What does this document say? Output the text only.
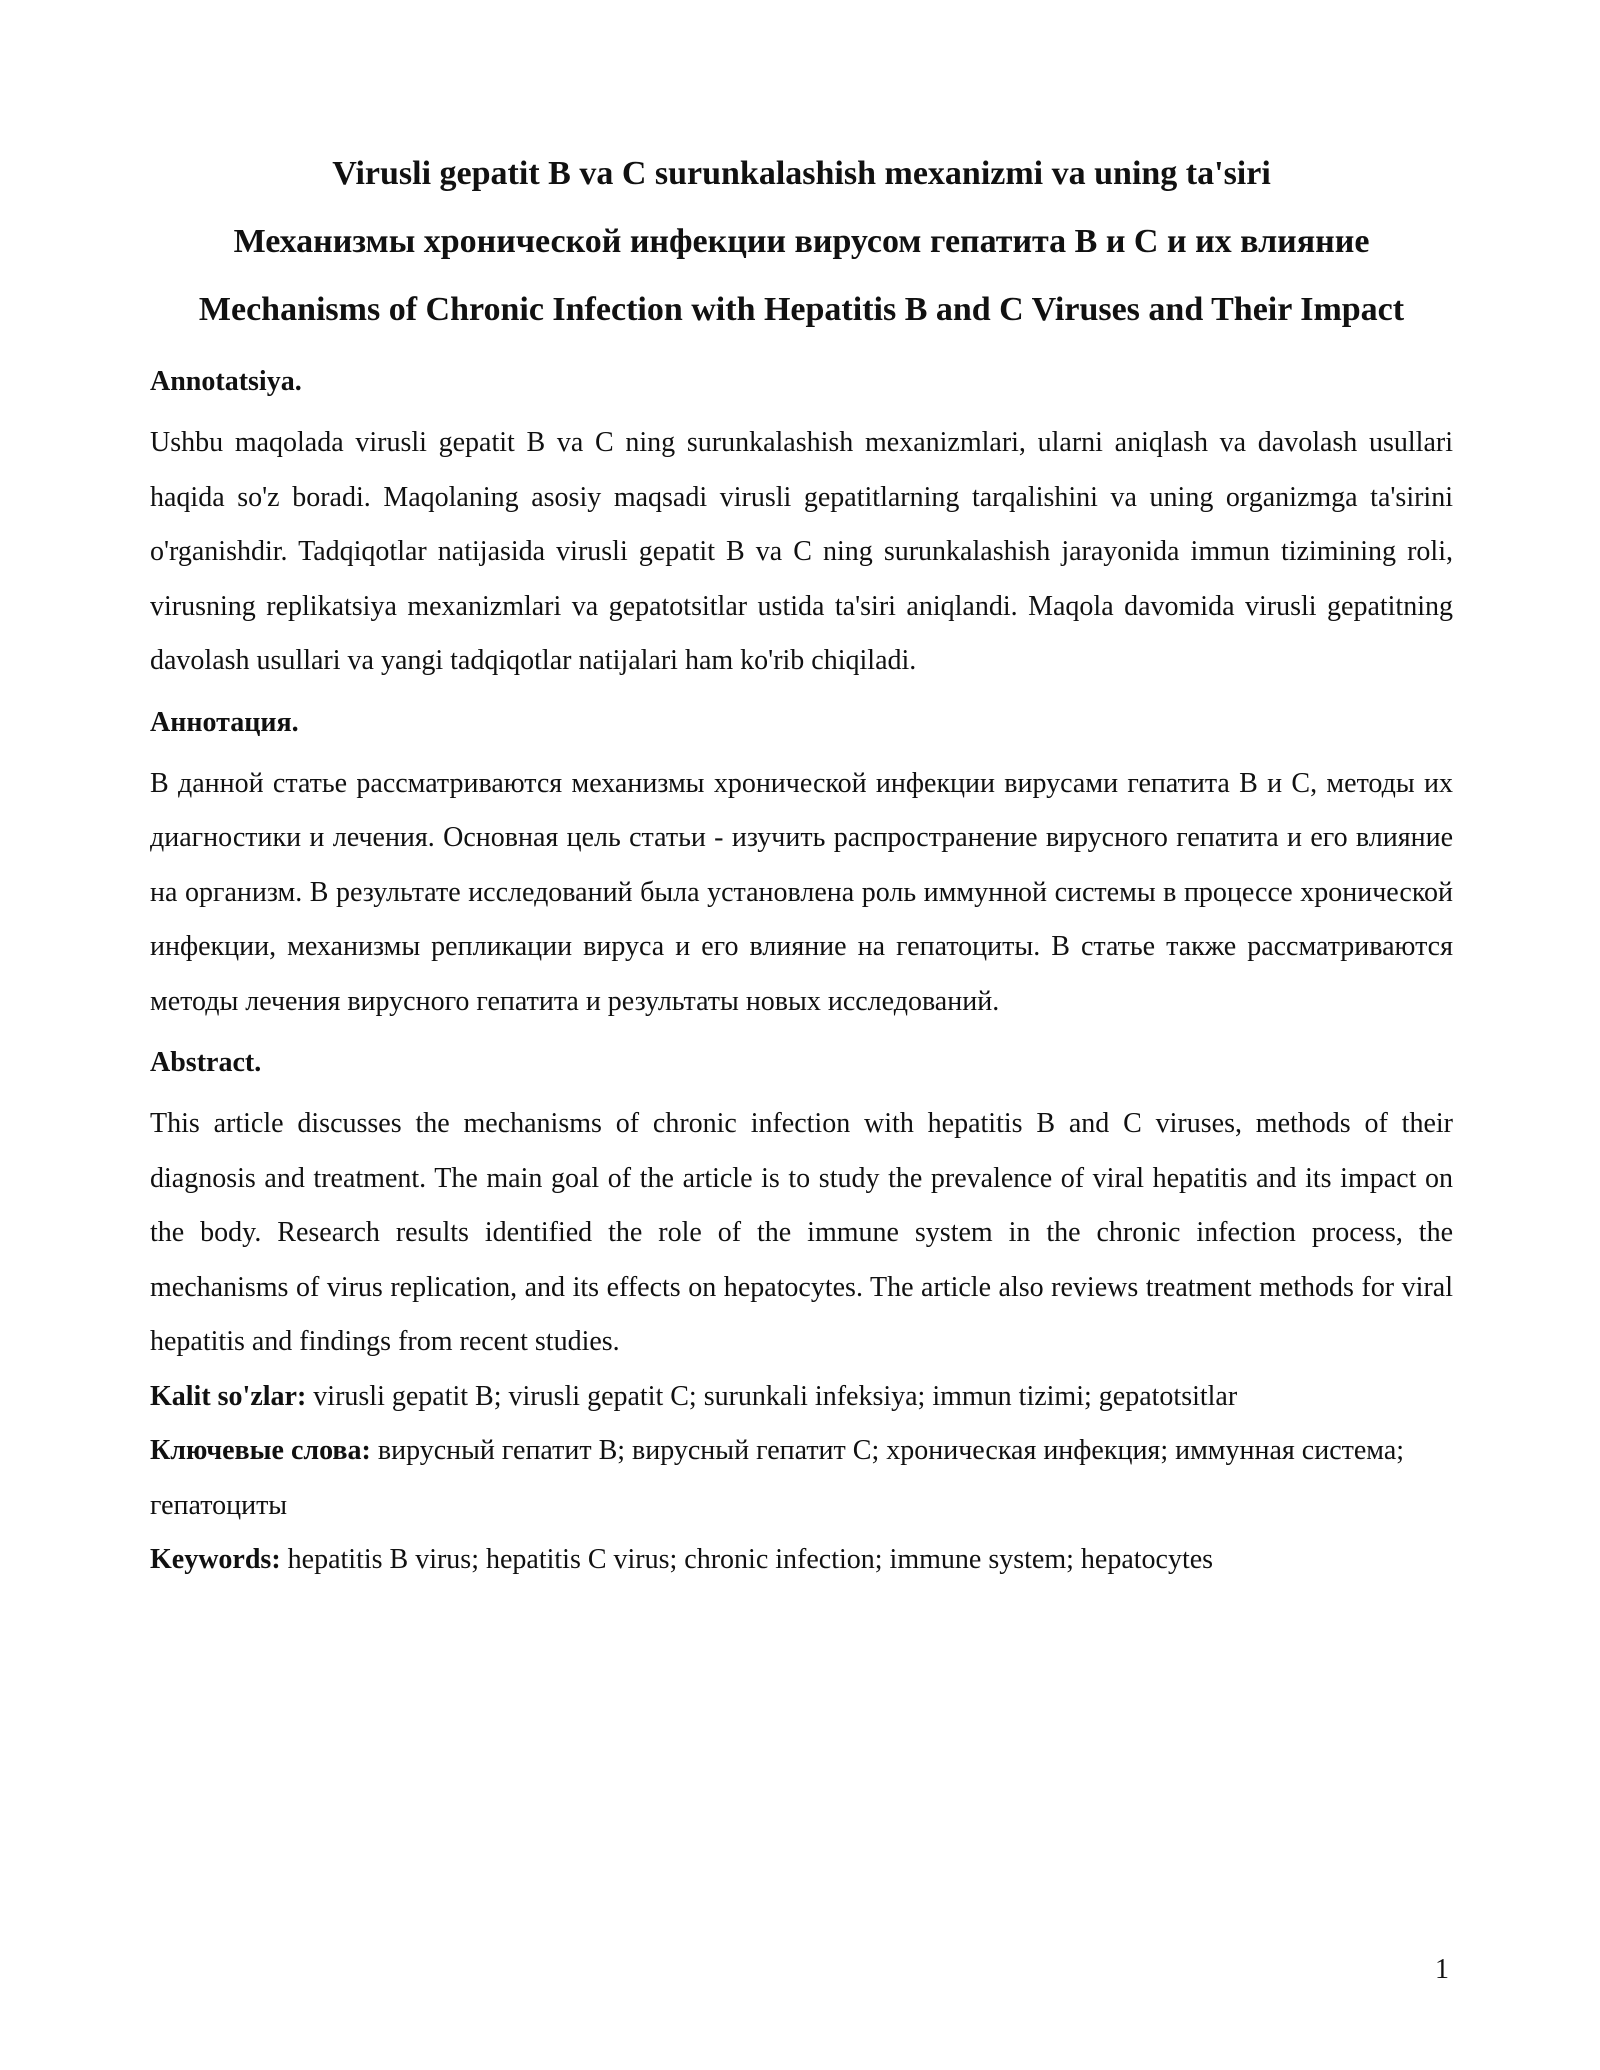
Virusli gepatit B va C surunkalashish mexanizmi va uning ta'siri
Механизмы хронической инфекции вирусом гепатита B и C и их влияние
Mechanisms of Chronic Infection with Hepatitis B and C Viruses and Their Impact
Annotatsiya.

Ushbu maqolada virusli gepatit B va C ning surunkalashish mexanizmlari, ularni aniqlash va davolash usullari haqida so'z boradi. Maqolaning asosiy maqsadi virusli gepatitlarning tarqalishini va uning organizmga ta'sirini o'rganishdir. Tadqiqotlar natijasida virusli gepatit B va C ning surunkalashish jarayonida immun tizimining roli, virusning replikatsiya mexanizmlari va gepatotsitlar ustida ta'siri aniqlandi. Maqola davomida virusli gepatitning davolash usullari va yangi tadqiqotlar natijalari ham ko'rib chiqiladi.

Аннотация.

В данной статье рассматриваются механизмы хронической инфекции вирусами гепатита B и C, методы их диагностики и лечения. Основная цель статьи - изучить распространение вирусного гепатита и его влияние на организм. В результате исследований была установлена роль иммунной системы в процессе хронической инфекции, механизмы репликации вируса и его влияние на гепатоциты. В статье также рассматриваются методы лечения вирусного гепатита и результаты новых исследований.

Abstract.

This article discusses the mechanisms of chronic infection with hepatitis B and C viruses, methods of their diagnosis and treatment. The main goal of the article is to study the prevalence of viral hepatitis and its impact on the body. Research results identified the role of the immune system in the chronic infection process, the mechanisms of virus replication, and its effects on hepatocytes. The article also reviews treatment methods for viral hepatitis and findings from recent studies.

Kalit so'zlar: virusli gepatit B; virusli gepatit C; surunkali infeksiya; immun tizimi; gepatotsitlar

Ключевые слова: вирусный гепатит B; вирусный гепатит C; хроническая инфекция; иммунная система; гепатоциты

Keywords: hepatitis B virus; hepatitis C virus; chronic infection; immune system; hepatocytes

1
